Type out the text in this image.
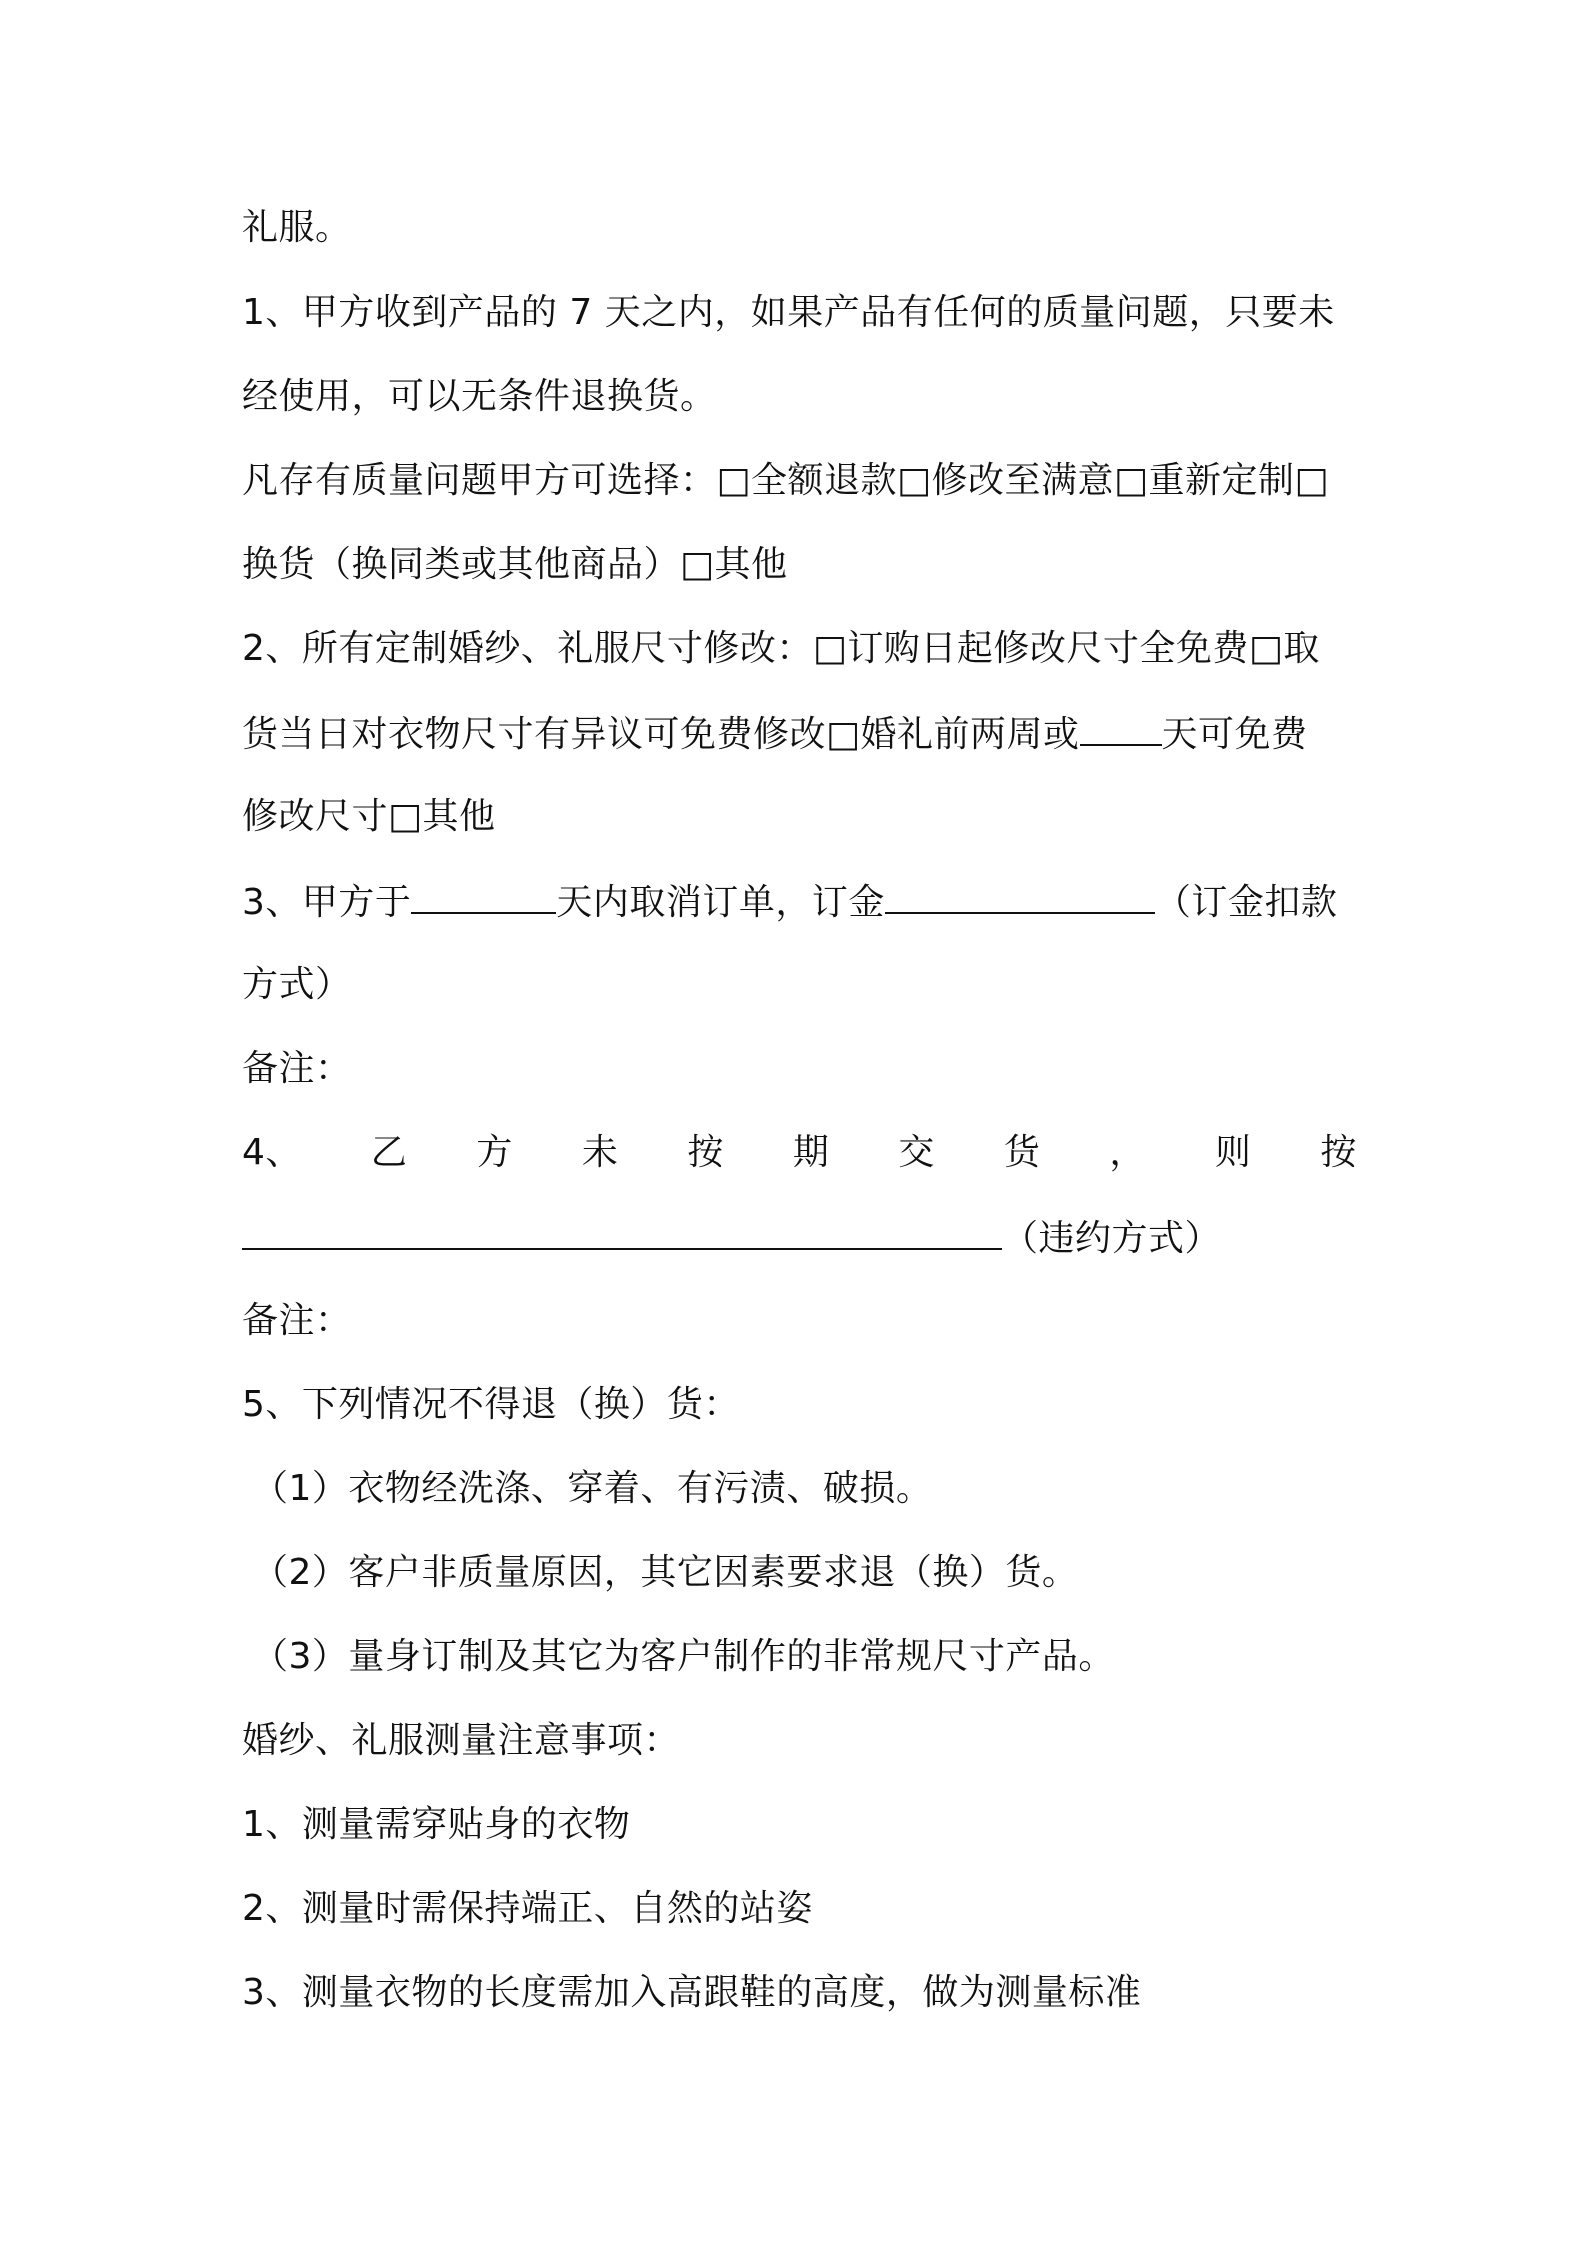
礼服。
1、甲方收到产品的 7 天之内，如果产品有任何的质量问题，只要未
经使用，可以无条件退换货。
凡存有质量问题甲方可选择：□全额退款□修改至满意□重新定制□
换货（换同类或其他商品）□其他
2、所有定制婚纱、礼服尺寸修改：□订购日起修改尺寸全免费□取
货当日对衣物尺寸有异议可免费修改□婚礼前两周或 天可免费
修改尺寸□其他
3、甲方于	天内取消订单，订金	（订金扣款
方式）
备注：
4、 乙 方 未 按 期 交 货 ， 则 按
（违约方式）
备注：
5、下列情况不得退（换）货：
（1）衣物经洗涤、穿着、有污渍、破损。
（2）客户非质量原因，其它因素要求退（换）货。
（3）量身订制及其它为客户制作的非常规尺寸产品。
婚纱、礼服测量注意事项：
1、测量需穿贴身的衣物
2、测量时需保持端正、自然的站姿
3、测量衣物的长度需加入高跟鞋的高度，做为测量标准
